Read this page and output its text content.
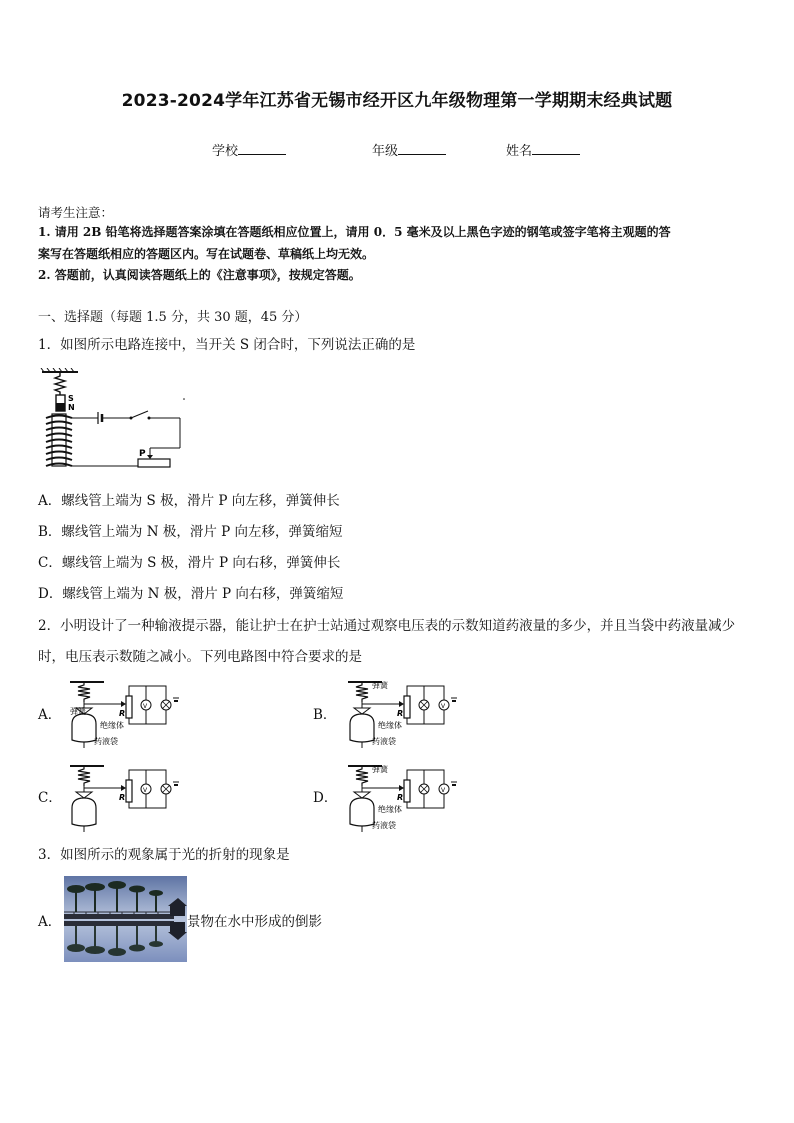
2023-2024学年江苏省无锡市经开区九年级物理第一学期期末经典试题
学校	年级	姓名
请考生注意：
1. 请用 2B 铅笔将选择题答案涂填在答题纸相应位置上，请用 0．5 毫米及以上黑色字迹的钢笔或签字笔将主观题的答
案写在答题纸相应的答题区内。写在试题卷、草稿纸上均无效。
2. 答题前，认真阅读答题纸上的《注意事项》，按规定答题。
一、选择题（每题 1.5 分，共 30 题，45 分）
1．如图所示电路连接中，当开关 S 闭合时，下列说法正确的是
S
N
P
A．螺线管上端为 S 极，滑片 P 向左移，弹簧伸长
B．螺线管上端为 N 极，滑片 P 向左移，弹簧缩短
C．螺线管上端为 S 极，滑片 P 向右移，弹簧伸长
D．螺线管上端为 N 极，滑片 P 向右移，弹簧缩短
2．小明设计了一种输液提示器，能让护士在护士站通过观察电压表的示数知道药液量的多少，并且当袋中药液量减少
时，电压表示数随之减小。下列电路图中符合要求的是
A．	B．
C．	D．
弹簧	R
V
绝缘体
药液袋
弹簧
R
V
绝缘体
药液袋
R
V
弹簧
R
V
绝缘体
药液袋
3．如图所示的观象属于光的折射的现象是
A．	景物在水中形成的倒影
